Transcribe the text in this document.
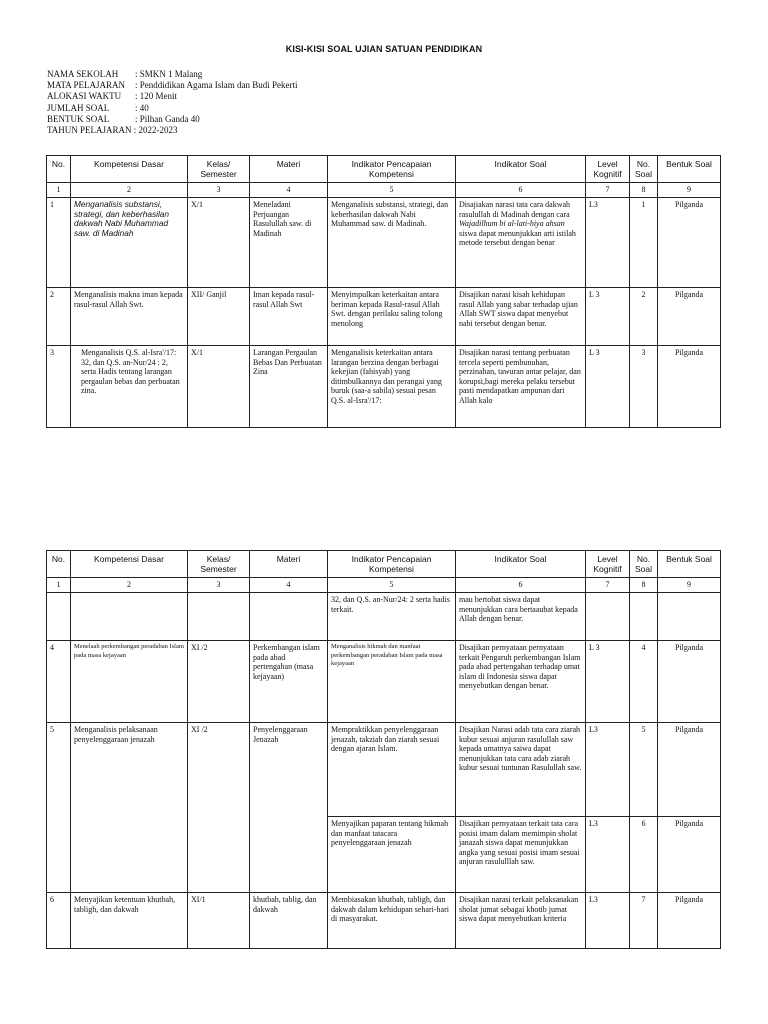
KISI-KISI SOAL UJIAN SATUAN PENDIDIKAN
NAMA SEKOLAH	: SMKN 1 Malang
MATA PELAJARAN	: Penddidikan Agama Islam dan Budi Pekerti
ALOKASI WAKTU	: 120 Menit
JUMLAH SOAL	: 40
BENTUK SOAL	: Pilhan Ganda 40
TAHUN PELAJARAN
: 2022-2023
No.	Kompetensi Dasar	Kelas/ Semester	Materi	Indikator Pencapaian Kompetensi	Indikator Soal	Level Kognitif	No. Soal	Bentuk Soal
1	2	3	4	5	6	7	8	9
1	Menganalisis substansi, strategi, dan keberhasilan dakwah Nabi Muhammad saw. di Madinah	X/1	Meneladani Perjuangan Rasulullah saw. di Madinah	Menganalisis substansi, strategi, dan keberhasilan dakwah Nabi Muhammad saw. di Madinah.	Disajiakan narasi tata cara dakwah rasulullah di Madinah dengan cara Wajadilhum bi al-lati-hiya ahsan siswa dapat menunjukkan arti istilah metode tersebut dengan benar	L3	1	Pilganda
2	Menganalisis makna iman kepada rasul-rasul Allah Swt.	XII/ Ganjil	Iman kepada rasul-rasul Allah Swt	Menyimpulkan keterkaitan antara beriman kepada Rasul-rasul Allah Swt. dengan perilaku saling tolong menolong	Disajikan narasi kisah kehidupan rasul Allah yang sabar terhadap ujian Allah SWT siswa dapat menyebut nabi tersebut dengan benar.	L 3	2	Pilganda
3	Menganalisis Q.S. al-Isra'/17: 32, dan Q.S. an-Nur/24 : 2, serta Hadis tentang larangan pergaulan bebas dan perbuatan zina.	X/1	Larangan Pergaulan Bebas Dan Perbuatan Zina	Menganalisis keterkaitan antara larangan berzina dengan berbagai kekejian (fahisyah) yang ditimbulkannya dan perangai yang buruk (saa-a sabila) sesuai pesan Q.S. al-Isra'/17:	Disajikan narasi tentang perbuatan tercela seperti pembunuhan, perzinahan, tawuran antar pelajar, dan korupsi,bagi mereka pelaku tersebut pasti mendapatkan ampunan dari Allah kalo	L 3	3	Pilganda
No.	Kompetensi Dasar	Kelas/ Semester	Materi	Indikator Pencapaian Kompetensi	Indikator Soal	Level Kognitif	No. Soal	Bentuk Soal
1	2	3	4	5	6	7	8	9
				32, dan Q.S. an-Nur/24: 2 serta hadis terkait.	mau bertobat siswa dapat menunjukkan cara bertaaubat kepada Allah dengan benar.			
4	Menelaah perkembangan peradaban Islam pada masa kejayaan	XI /2	Perkembangan islam pada abad pertengahan (masa kejayaan)	Menganalisis hikmah dan manfaat perkembangan peradaban Islam pada masa kejayaan	Disajikan pernyataan pernyataan terkait Pengaruh perkembangan Islam pada abad pertengahan terhadap umat islam di Indonesia siswa dapat menyebutkan dengan benar.	L 3	4	Pilganda
5	Menganalisis pelaksanaan penyelenggaraan jenazah	XI /2	Penyelenggaraan Jenazah	Mempraktikkan penyelenggaraan jenazah, takziah dan ziarah sesuai dengan ajaran Islam.	Disajikan Narasi adab tata cara ziarah kubur sesuai anjuran rasulullah saw kepada umatnya saiwa dapat menunjukkan tata cara adab ziarah kubur sesuai tuntunan Rasulullah saw.	L3	5	Pilganda
				Menyajikan paparan tentang hikmah dan manfaat tatacara penyelenggaraan jenazah	Disajikan pernyataan terkait tata cara posisi imam dalam memimpin sholat janazah siswa dapat menunjukkan angka yang sesuai posisi imam sesuai anjuran rasululllah saw.	L3	6	Pilganda
6	Menyajikan ketentuan khutbah, tabligh, dan dakwah	XI/1	khutbah, tablig, dan dakwah	Membiasakan khutbah, tabligh, dan dakwah dalam kehidupan sehari-hari di masyarakat.	Disajikan narasi terkait pelaksanakan sholat jumat sebagai khotib jumat siswa dapat menyebutkan kriteria	L3	7	Pilganda
